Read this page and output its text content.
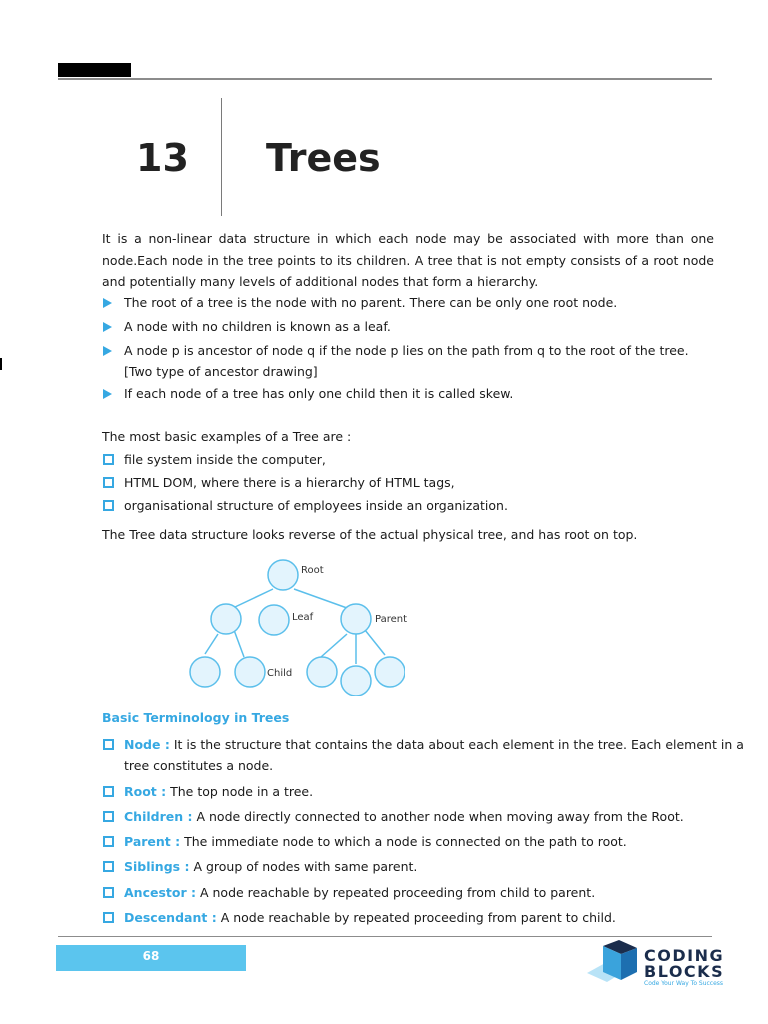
13 Trees
It is a non-linear data structure in which each node may be associated with more than one node.Each node in the tree points to its children. A tree that is not empty consists of a root node and potentially many levels of additional nodes that form a hierarchy.
The root of a tree is the node with no parent. There can be only one root node.
A node with no children is known as a leaf.
A node p is ancestor of node q if the node p lies on the path from q to the root of the tree.
[Two type of ancestor drawing]
If each node of a tree has only one child then it is called skew.
The most basic examples of a Tree are :
file system inside the computer,
HTML DOM, where there is a hierarchy of HTML tags,
organisational structure of employees inside an organization.
The Tree data structure looks reverse of the actual physical tree, and has root on top.
Root
Leaf	Parent
Child
Basic Terminology in Trees
Node : It is the structure that contains the data about each element in the tree. Each element in a
tree constitutes a node.
Root : The top node in a tree.
Children : A node directly connected to another node when moving away from the Root.
Parent : The immediate node to which a node is connected on the path to root.
Siblings : A group of nodes with same parent.
Ancestor : A node reachable by repeated proceeding from child to parent.
Descendant : A node reachable by repeated proceeding from parent to child.
68	CODING
BLOCKS
Code Your Way To Success
